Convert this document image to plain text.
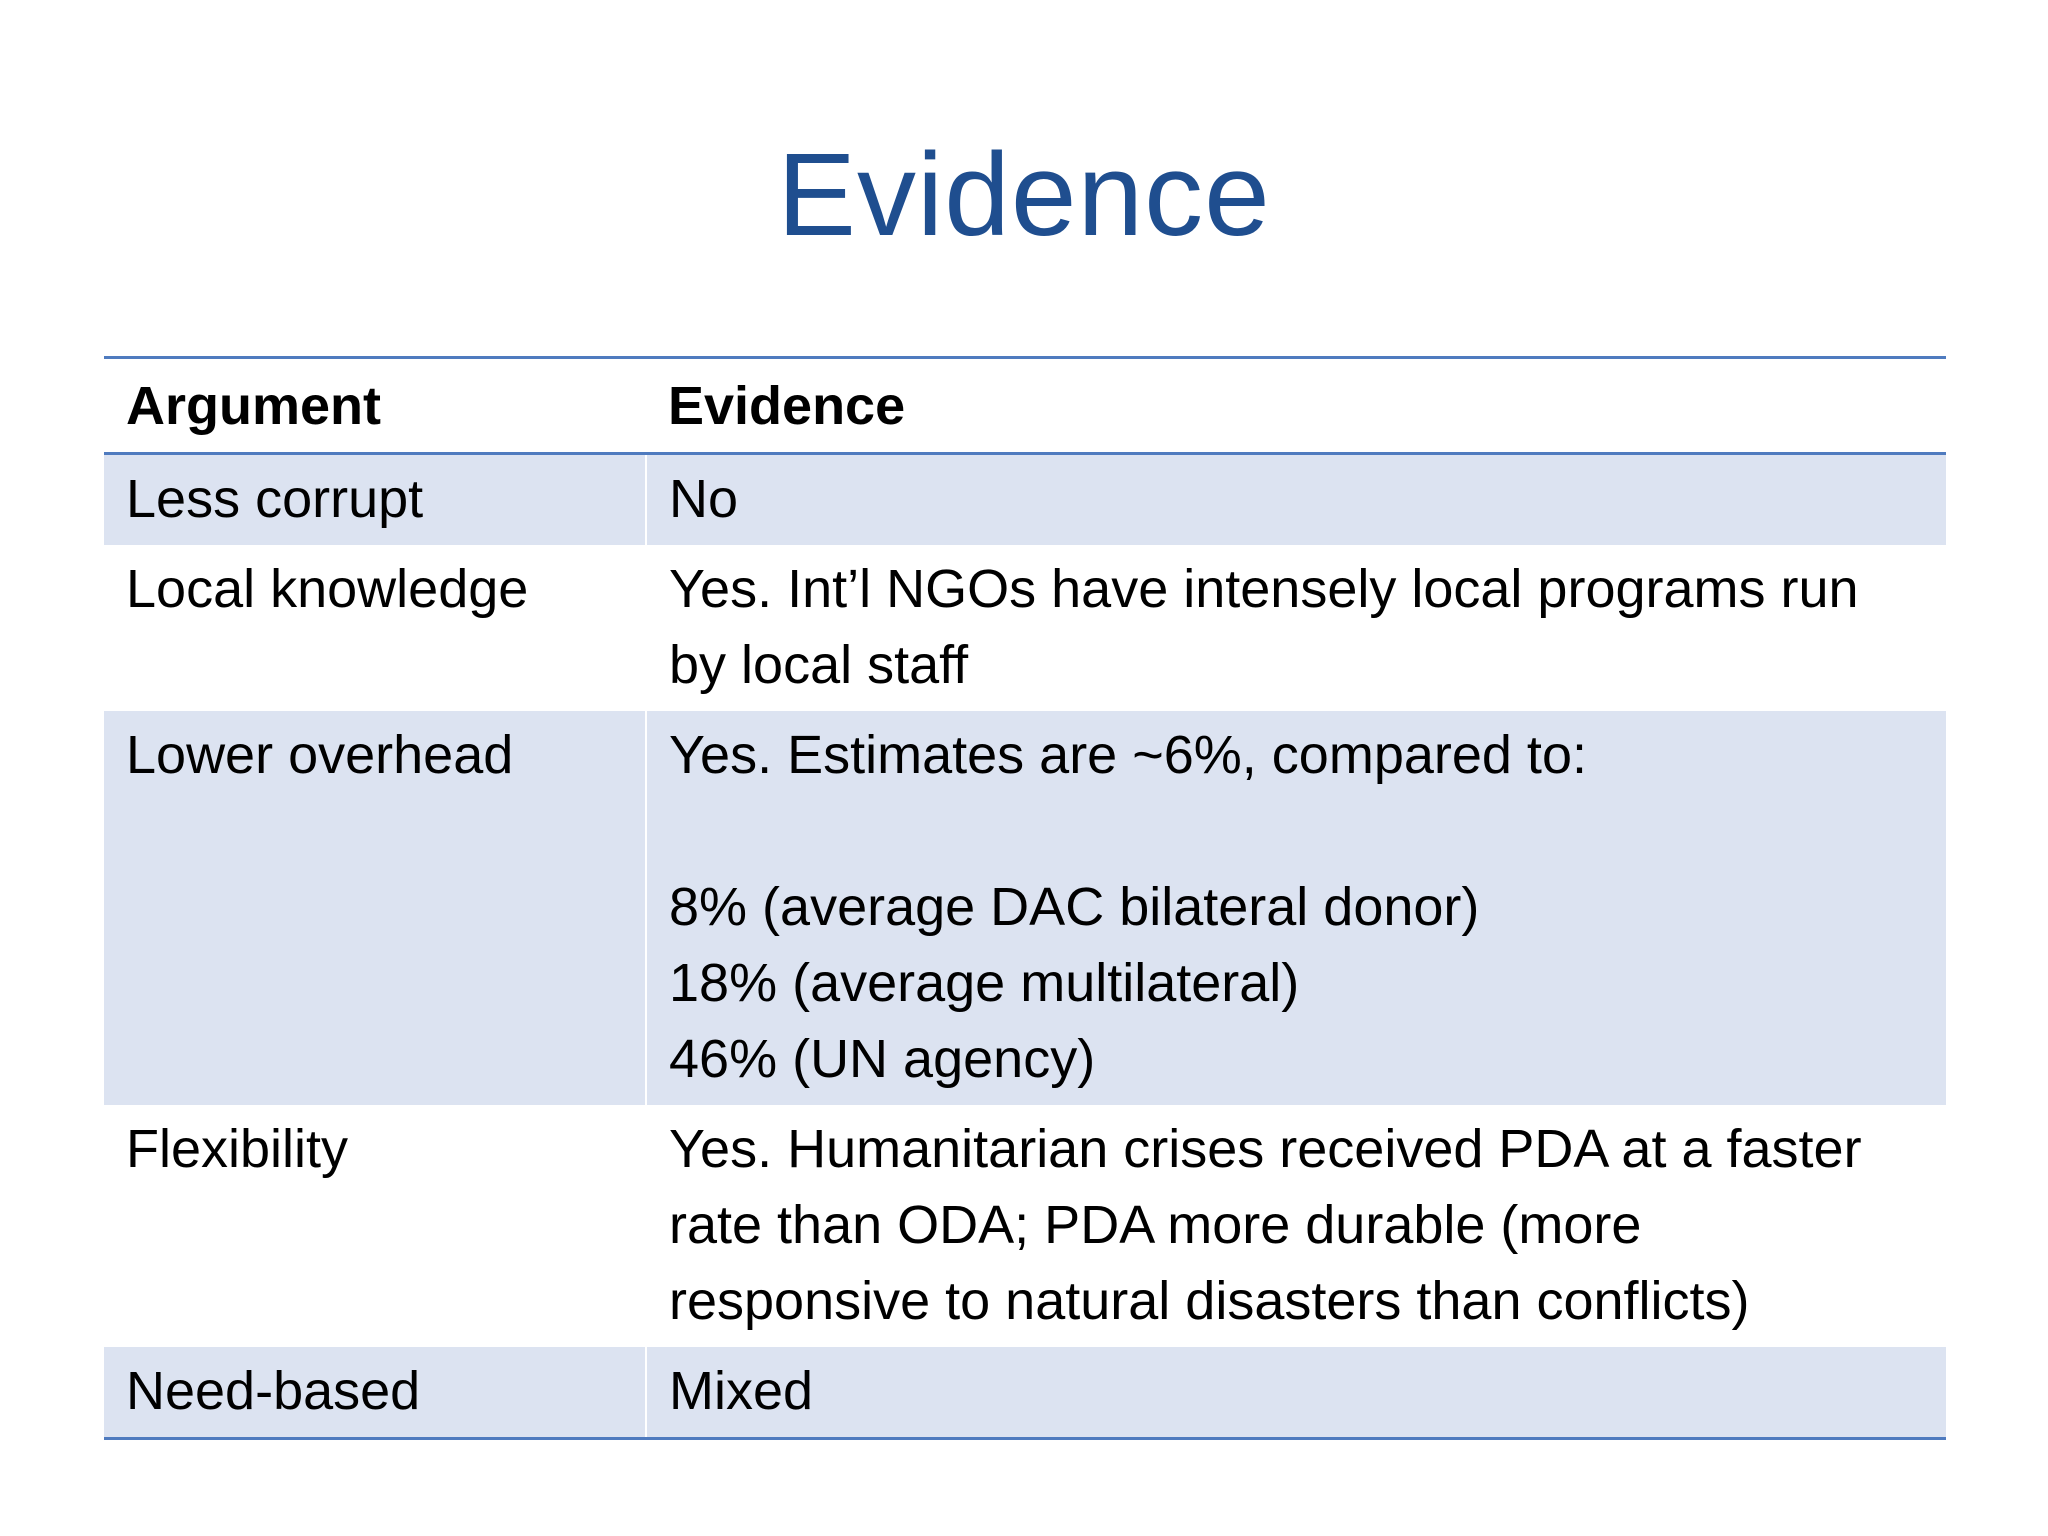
Evidence
Argument	Evidence
Less corrupt	No

Local knowledge	Yes. Int’l NGOs have intensely local programs run
by local staff

Lower overhead	Yes. Estimates are ~6%, compared to:
8% (average DAC bilateral donor)
18% (average multilateral)
46% (UN agency)

Flexibility	Yes. Humanitarian crises received PDA at a faster
rate than ODA; PDA more durable (more
responsive to natural disasters than conflicts)

Need-based	Mixed
